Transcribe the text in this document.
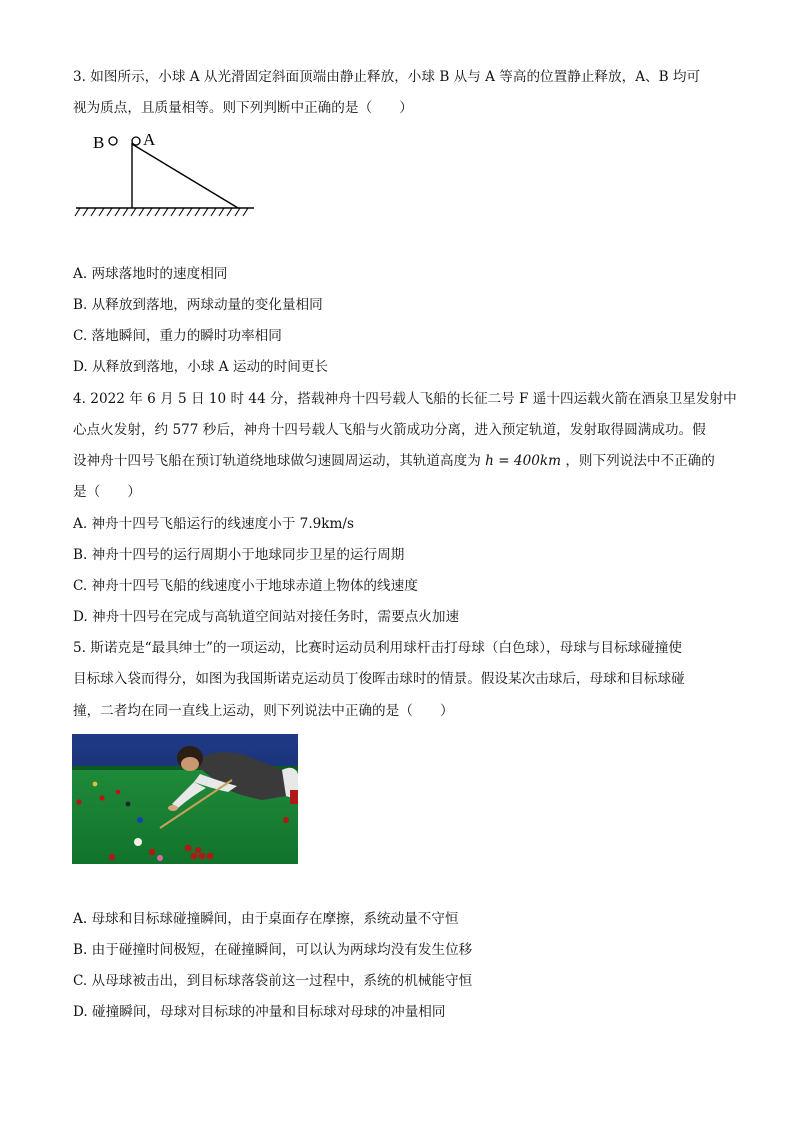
3. 如图所示，小球 A 从光滑固定斜面顶端由静止释放，小球 B 从与 A 等高的位置静止释放，A、B 均可
视为质点，且质量相等。则下列判断中正确的是（　　）
B A
A. 两球落地时的速度相同
B. 从释放到落地，两球动量的变化量相同
C. 落地瞬间，重力的瞬时功率相同
D. 从释放到落地，小球 A 运动的时间更长
4. 2022 年 6 月 5 日 10 时 44 分，搭载神舟十四号载人飞船的长征二号 F 遥十四运载火箭在酒泉卫星发射中
心点火发射，约 577 秒后，神舟十四号载人飞船与火箭成功分离，进入预定轨道，发射取得圆满成功。假
设神舟十四号飞船在预订轨道绕地球做匀速圆周运动，其轨道高度为 h = 400km ，则下列说法中不正确的
是（　　）
A. 神舟十四号飞船运行的线速度小于 7.9km/s
B. 神舟十四号的运行周期小于地球同步卫星的运行周期
C. 神舟十四号飞船的线速度小于地球赤道上物体的线速度
D. 神舟十四号在完成与高轨道空间站对接任务时，需要点火加速
5. 斯诺克是“最具绅士”的一项运动，比赛时运动员利用球杆击打母球（白色球），母球与目标球碰撞使
目标球入袋而得分，如图为我国斯诺克运动员丁俊晖击球时的情景。假设某次击球后，母球和目标球碰
撞，二者均在同一直线上运动，则下列说法中正确的是（　　）
A. 母球和目标球碰撞瞬间，由于桌面存在摩擦，系统动量不守恒
B. 由于碰撞时间极短，在碰撞瞬间，可以认为两球均没有发生位移
C. 从母球被击出，到目标球落袋前这一过程中，系统的机械能守恒
D. 碰撞瞬间，母球对目标球的冲量和目标球对母球的冲量相同
